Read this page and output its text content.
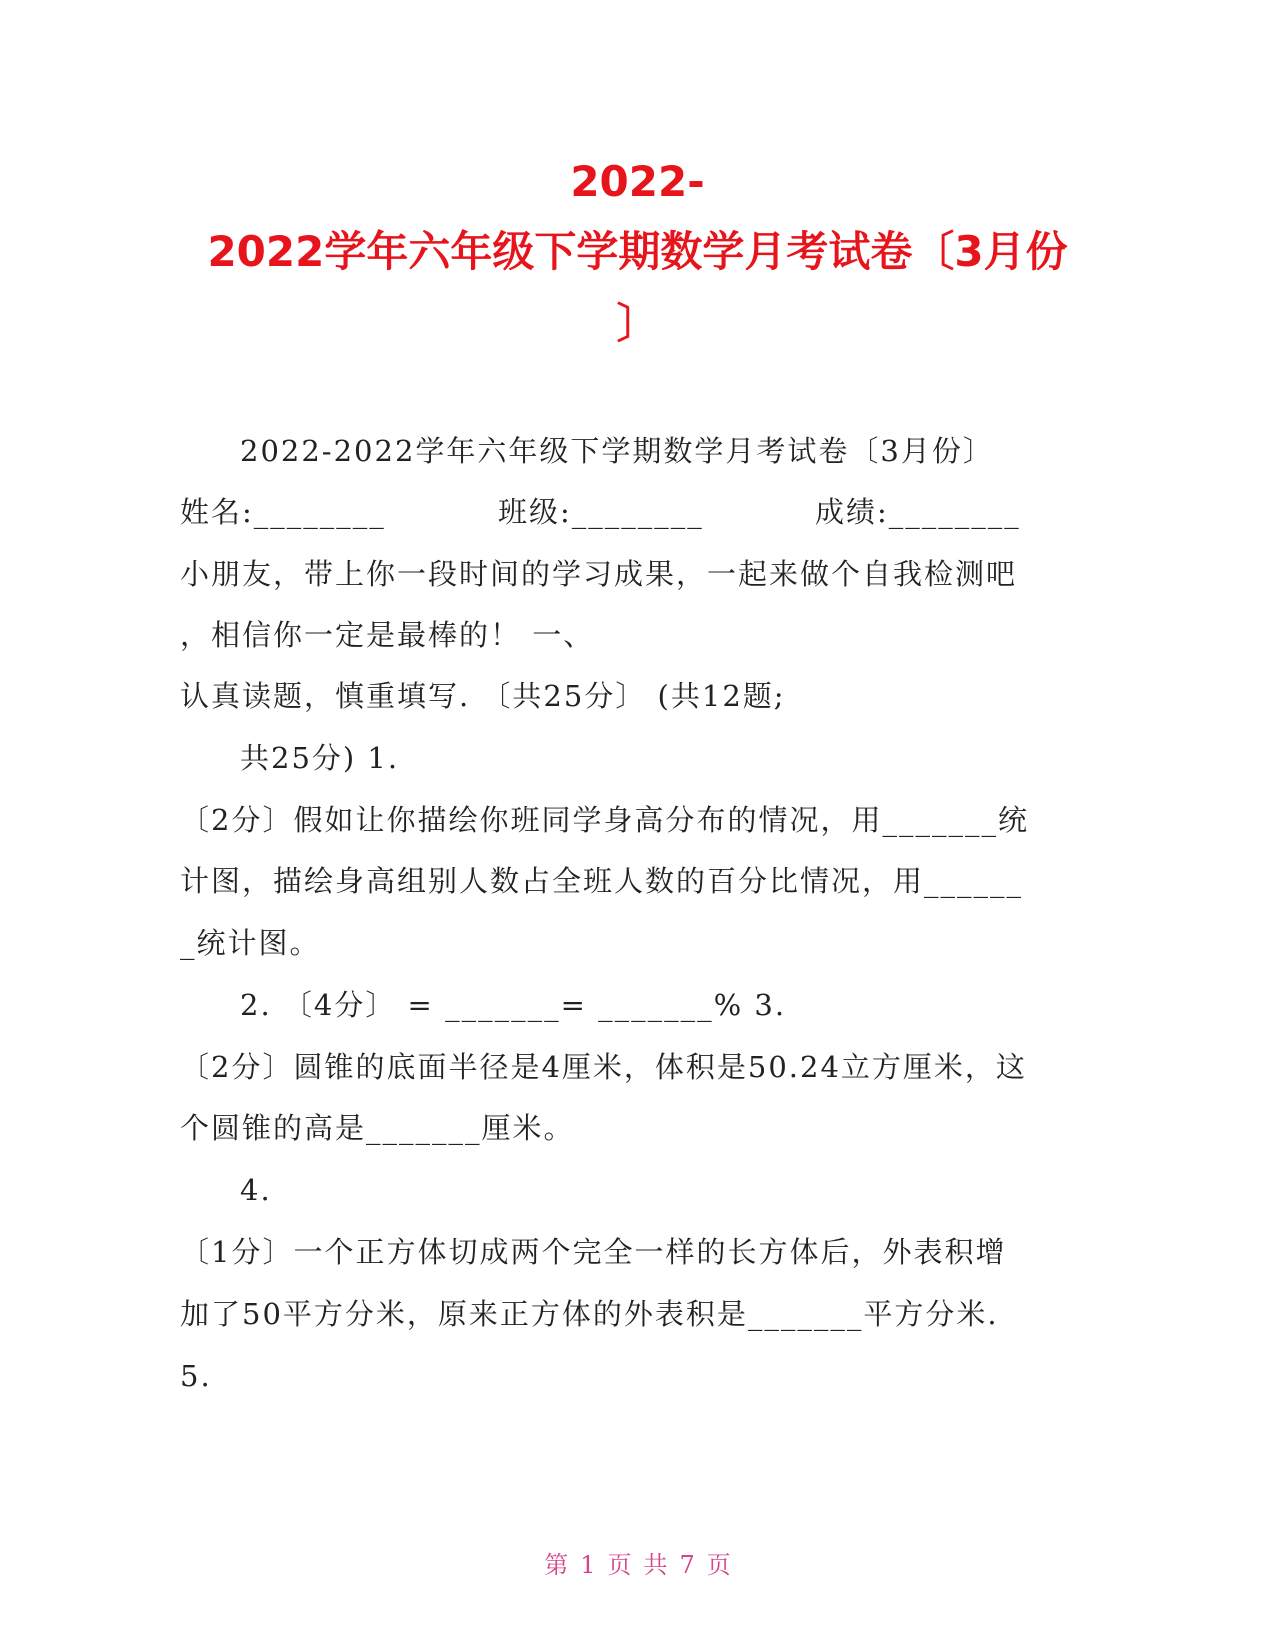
2022-
2022学年六年级下学期数学月考试卷〔3月份
〕
2022-2022学年六年级下学期数学月考试卷〔3月份〕
姓名:________	班级:________	成绩:________
小朋友，带上你一段时间的学习成果，一起来做个自我检测吧
，相信你一定是最棒的！ 一、
认真读题，慎重填写. 〔共25分〕 (共12题;
共25分) 1.
〔2分〕假如让你描绘你班同学身高分布的情况，用_______统
计图，描绘身高组别人数占全班人数的百分比情况，用______
_统计图。
2. 〔4分〕 = _______= _______% 3.
〔2分〕圆锥的底面半径是4厘米，体积是50.24立方厘米，这
个圆锥的高是_______厘米。
4.
〔1分〕一个正方体切成两个完全一样的长方体后，外表积增
加了50平方分米，原来正方体的外表积是_______平方分米.
5.
第 1 页 共 7 页
